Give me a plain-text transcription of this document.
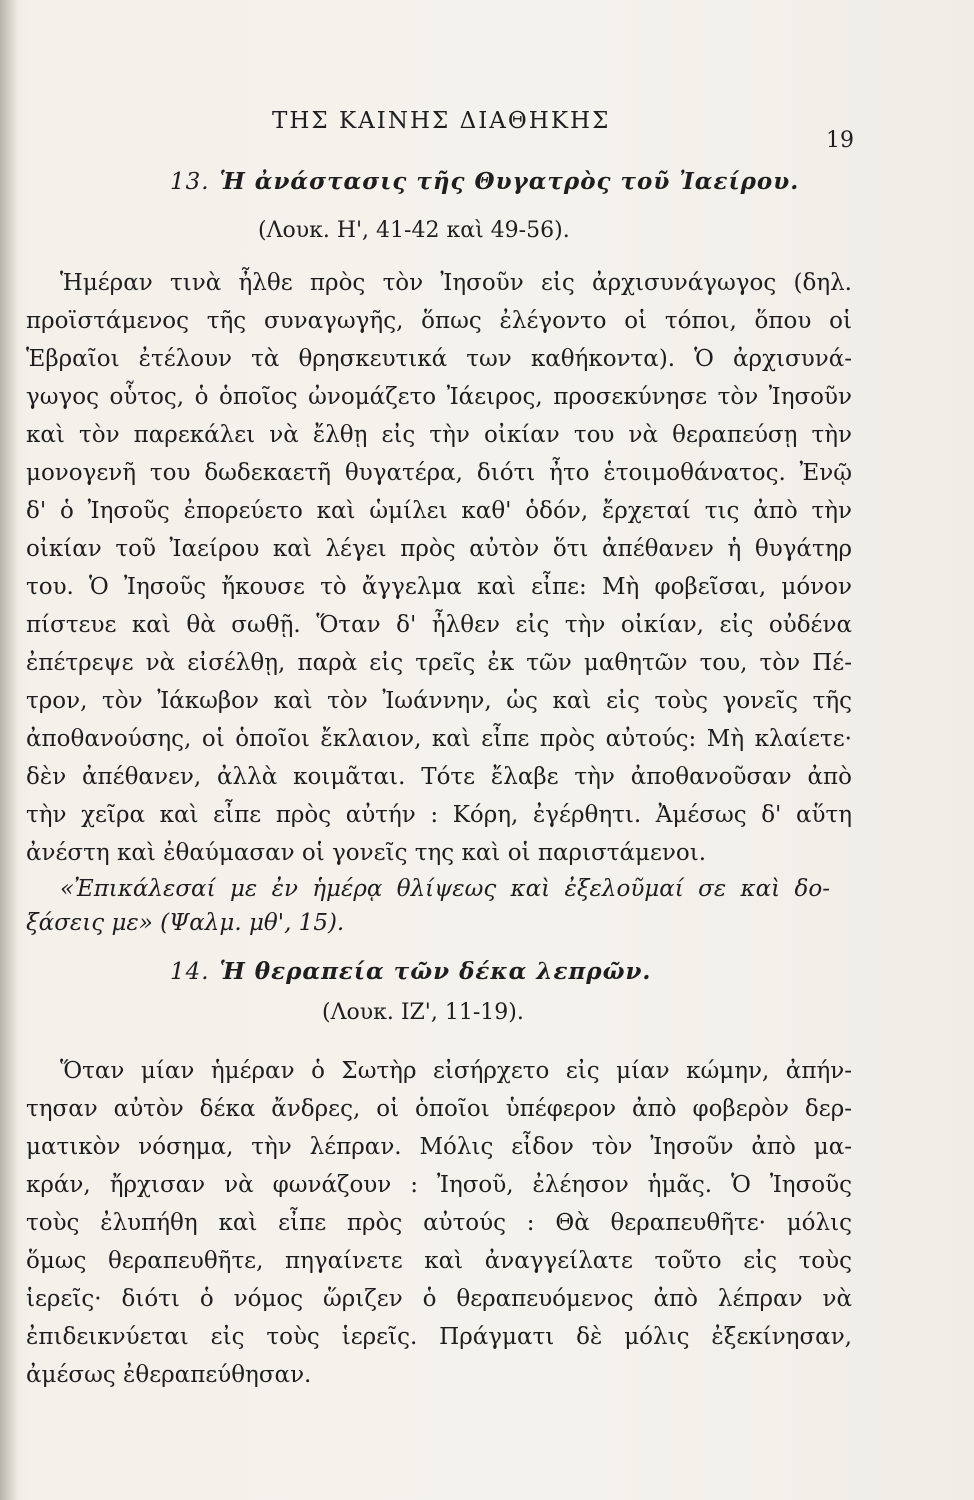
ΤΗΣ ΚΑΙΝΗΣ ΔΙΑΘΗΚΗΣ
19
13. Ἡ ἀνάστασις τῆς Θυγατρὸς τοῦ Ἰαείρου.
(Λουκ. Η', 41-42 καὶ 49-56).
Ἡμέραν τινὰ ἦλθε πρὸς τὸν Ἰησοῦν εἰς ἀρχισυνάγωγος (δηλ.
προϊστάμενος τῆς συναγωγῆς, ὅπως ἐλέγοντο οἱ τόποι, ὅπου οἱ
Ἑβραῖοι ἐτέλουν τὰ θρησκευτικά των καθήκοντα). Ὁ ἀρχισυνά-
γωγος οὗτος, ὁ ὁποῖος ὠνομάζετο Ἰάειρος, προσεκύνησε τὸν Ἰησοῦν
καὶ τὸν παρεκάλει νὰ ἔλθῃ εἰς τὴν οἰκίαν του νὰ θεραπεύσῃ τὴν
μονογενῆ του δωδεκαετῆ θυγατέρα, διότι ἦτο ἑτοιμοθάνατος. Ἐνῷ
δ' ὁ Ἰησοῦς ἐπορεύετο καὶ ὡμίλει καθ' ὁδόν, ἔρχεταί τις ἀπὸ τὴν
οἰκίαν τοῦ Ἰαείρου καὶ λέγει πρὸς αὐτὸν ὅτι ἀπέθανεν ἡ θυγάτηρ
του. Ὁ Ἰησοῦς ἤκουσε τὸ ἄγγελμα καὶ εἶπε: Μὴ φοβεῖσαι, μόνον
πίστευε καὶ θὰ σωθῇ. Ὅταν δ' ἦλθεν εἰς τὴν οἰκίαν, εἰς οὐδένα
ἐπέτρεψε νὰ εἰσέλθῃ, παρὰ εἰς τρεῖς ἐκ τῶν μαθητῶν του, τὸν Πέ-
τρον, τὸν Ἰάκωβον καὶ τὸν Ἰωάννην, ὡς καὶ εἰς τοὺς γονεῖς τῆς
ἀποθανούσης, οἱ ὁποῖοι ἔκλαιον, καὶ εἶπε πρὸς αὐτούς: Μὴ κλαίετε·
δὲν ἀπέθανεν, ἀλλὰ κοιμᾶται. Τότε ἔλαβε τὴν ἀποθανοῦσαν ἀπὸ
τὴν χεῖρα καὶ εἶπε πρὸς αὐτήν : Κόρη, ἐγέρθητι. Ἀμέσως δ' αὕτη
ἀνέστη καὶ ἐθαύμασαν οἱ γονεῖς της καὶ οἱ παριστάμενοι.
«Ἐπικάλεσαί με ἐν ἡμέρᾳ θλίψεως καὶ ἐξελοῦμαί σε καὶ δο-
ξάσεις με» (Ψαλμ. μθ', 15).
14. Ἡ θεραπεία τῶν δέκα λεπρῶν.
(Λουκ. ΙΖ', 11-19).
Ὅταν μίαν ἡμέραν ὁ Σωτὴρ εἰσήρχετο εἰς μίαν κώμην, ἀπήν-
τησαν αὐτὸν δέκα ἄνδρες, οἱ ὁποῖοι ὑπέφερον ἀπὸ φοβερὸν δερ-
ματικὸν νόσημα, τὴν λέπραν. Μόλις εἶδον τὸν Ἰησοῦν ἀπὸ μα-
κράν, ἤρχισαν νὰ φωνάζουν : Ἰησοῦ, ἐλέησον ἡμᾶς. Ὁ Ἰησοῦς
τοὺς ἐλυπήθη καὶ εἶπε πρὸς αὐτούς : Θὰ θεραπευθῆτε· μόλις
ὅμως θεραπευθῆτε, πηγαίνετε καὶ ἀναγγείλατε τοῦτο εἰς τοὺς
ἱερεῖς· διότι ὁ νόμος ὥριζεν ὁ θεραπευόμενος ἀπὸ λέπραν νὰ
ἐπιδεικνύεται εἰς τοὺς ἱερεῖς. Πράγματι δὲ μόλις ἐξεκίνησαν,
ἀμέσως ἐθεραπεύθησαν.
